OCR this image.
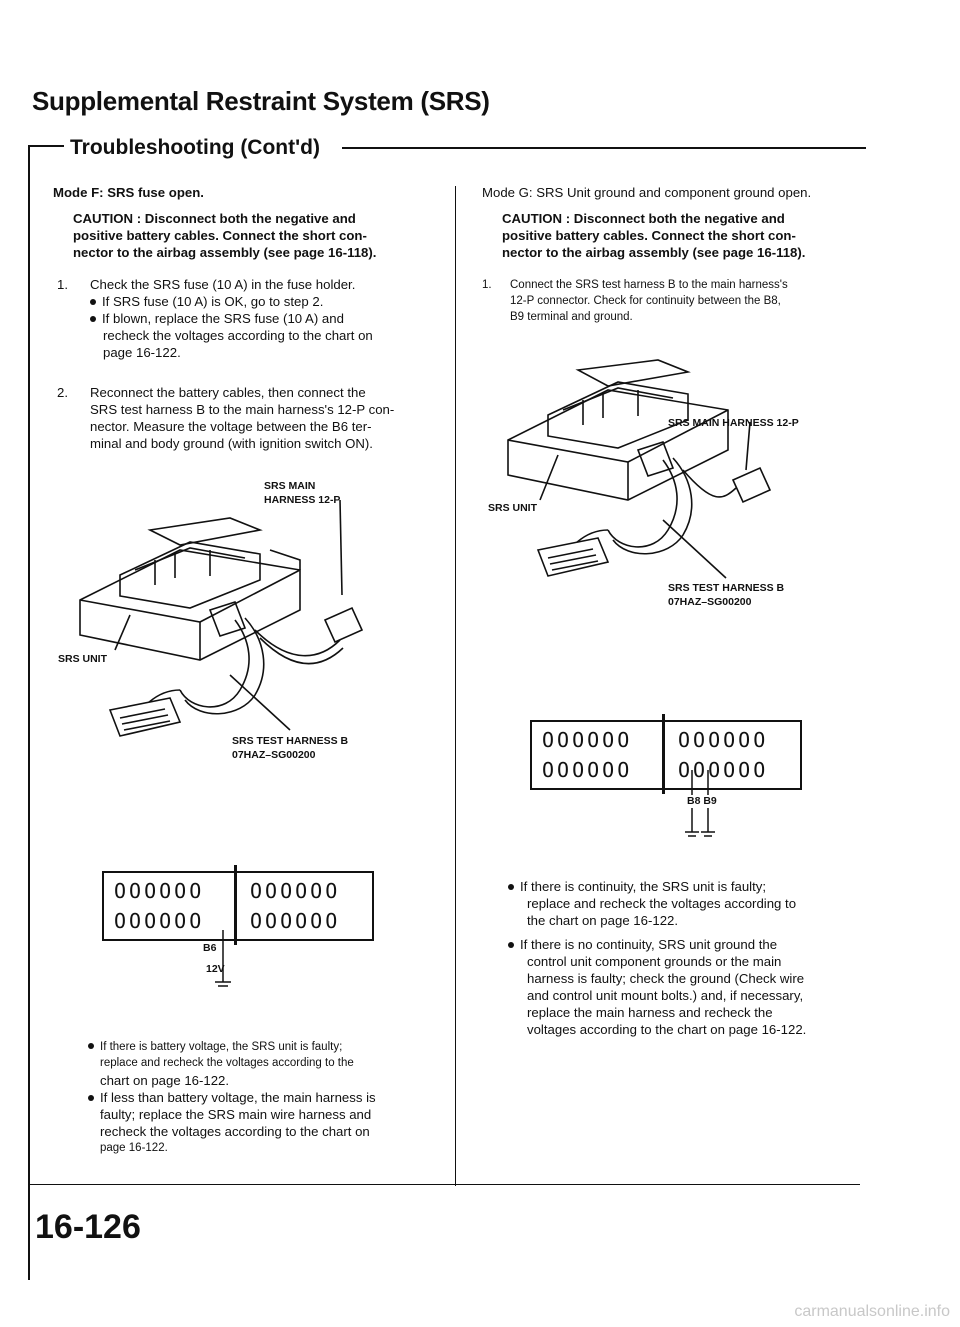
Supplemental Restraint System (SRS)
Troubleshooting (Cont'd)
Mode F: SRS fuse open.
CAUTION : Disconnect both the negative and
positive battery cables. Connect the short con-
nector to the airbag assembly (see page 16-118).
1. Check the SRS fuse (10 A) in the fuse holder.
If SRS fuse (10 A) is OK, go to step 2.
If blown, replace the SRS fuse (10 A) and
recheck the voltages according to the chart on
page 16-122.
2. Reconnect the battery cables, then connect the
SRS test harness B to the main harness's 12-P con-
nector. Measure the voltage between the B6 ter-
minal and body ground (with ignition switch ON).
SRS MAIN
HARNESS 12-P
SRS UNIT
SRS TEST HARNESS B
07HAZ–SG00200
OOOOOO OOOOOO
OOOOOO OOOOOO
B6
12V
If there is battery voltage, the SRS unit is faulty;
replace and recheck the voltages according to the
chart on page 16-122.
If less than battery voltage, the main harness is
faulty; replace the SRS main wire harness and
recheck the voltages according to the chart on
page 16-122.
Mode G: SRS Unit ground and component ground open.
CAUTION : Disconnect both the negative and
positive battery cables. Connect the short con-
nector to the airbag assembly (see page 16-118).
1. Connect the SRS test harness B to the main harness's
12-P connector. Check for continuity between the B8,
B9 terminal and ground.
SRS MAIN HARNESS 12-P
SRS UNIT
SRS TEST HARNESS B
07HAZ–SG00200
OOOOOO OOOOOO
OOOOOO OOOOOO
B8 B9
If there is continuity, the SRS unit is faulty;
replace and recheck the voltages according to
the chart on page 16-122.
If there is no continuity, SRS unit ground the
control unit component grounds or the main
harness is faulty; check the ground (Check wire
and control unit mount bolts.) and, if necessary,
replace the main harness and recheck the
voltages according to the chart on page 16-122.
16-126
carmanualsonline.info
